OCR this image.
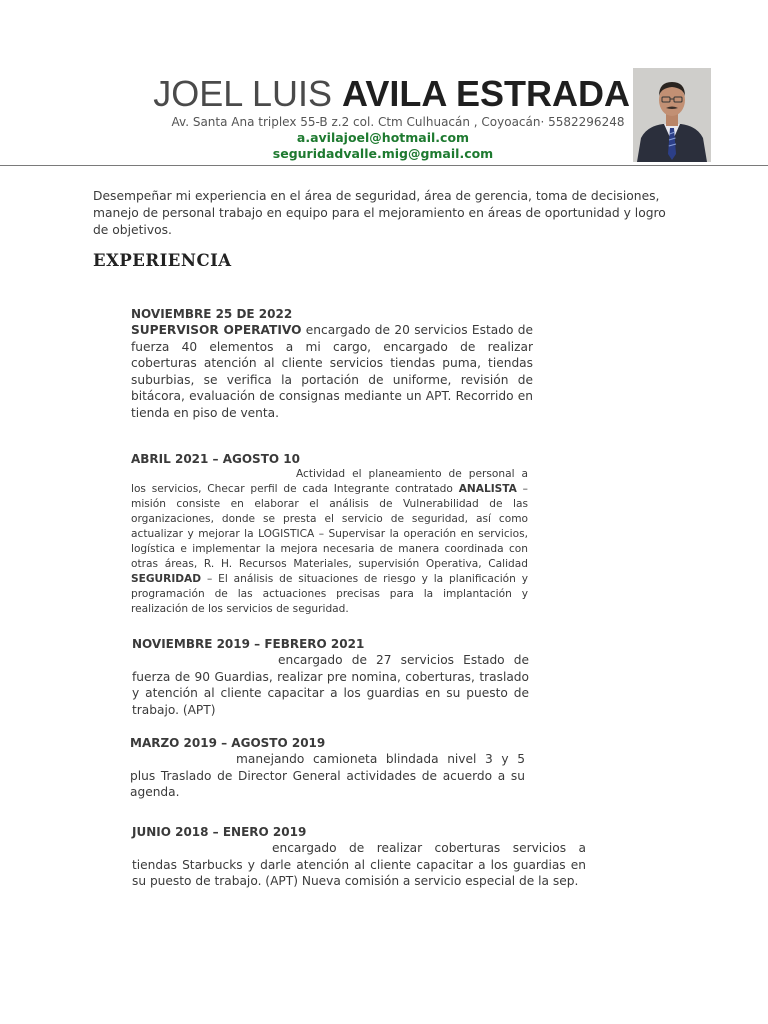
JOEL LUIS AVILA ESTRADA
Av. Santa Ana triplex 55-B z.2 col. Ctm Culhuacán , Coyoacán· 5582296248
a.avilajoel@hotmail.com
seguridadvalle.mig@gmail.com
Desempeñar mi experiencia en el área de seguridad, área de gerencia, toma de decisiones, manejo de personal trabajo en equipo para el mejoramiento en áreas de oportunidad y logro de objetivos.
EXPERIENCIA
NOVIEMBRE 25 DE 2022
SUPERVISOR OPERATIVO encargado de 20 servicios Estado de fuerza 40 elementos a mi cargo, encargado de realizar coberturas atención al cliente servicios tiendas puma, tiendas suburbias, se verifica la portación de uniforme, revisión de bitácora, evaluación de consignas mediante un APT. Recorrido en tienda en piso de venta.
ABRIL 2021 – AGOSTO 10
Actividad el planeamiento de personal a los servicios, Checar perfil de cada Integrante contratado ANALISTA – misión consiste en elaborar el análisis de Vulnerabilidad de las organizaciones, donde se presta el servicio de seguridad, así como actualizar y mejorar la LOGISTICA – Supervisar la operación en servicios, logística e implementar la mejora necesaria de manera coordinada con otras áreas, R. H. Recursos Materiales, supervisión Operativa, Calidad SEGURIDAD – El análisis de situaciones de riesgo y la planificación y programación de las actuaciones precisas para la implantación y realización de los servicios de seguridad.
NOVIEMBRE 2019 – FEBRERO 2021
encargado de 27 servicios Estado de fuerza de 90 Guardias, realizar pre nomina, coberturas, traslado y atención al cliente capacitar a los guardias en su puesto de trabajo. (APT)
MARZO 2019 – AGOSTO 2019
manejando camioneta blindada nivel 3 y 5 plus Traslado de Director General actividades de acuerdo a su agenda.
JUNIO 2018 – ENERO 2019
encargado de realizar coberturas servicios a tiendas Starbucks y darle atención al cliente capacitar a los guardias en su puesto de trabajo. (APT) Nueva comisión a servicio especial de la sep.
